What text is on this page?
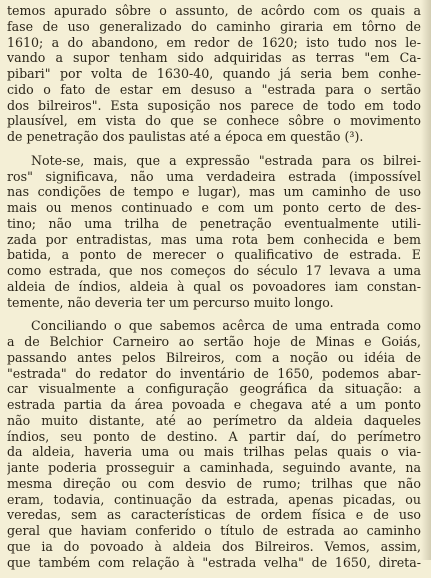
temos apurado sôbre o assunto, de acôrdo com os quais a
fase de uso generalizado do caminho giraria em tôrno de
1610; a do abandono, em redor de 1620; isto tudo nos le-
vando a supor tenham sido adquiridas as terras "em Ca-
pibari" por volta de 1630-40, quando já seria bem conhe-
cido o fato de estar em desuso a "estrada para o sertão
dos bilreiros". Esta suposição nos parece de todo em todo
plausível, em vista do que se conhece sôbre o movimento
de penetração dos paulistas até a época em questão (³).
Note-se, mais, que a expressão "estrada para os bilrei-
ros" significava, não uma verdadeira estrada (impossível
nas condições de tempo e lugar), mas um caminho de uso
mais ou menos continuado e com um ponto certo de des-
tino; não uma trilha de penetração eventualmente utili-
zada por entradistas, mas uma rota bem conhecida e bem
batida, a ponto de merecer o qualificativo de estrada. E
como estrada, que nos começos do século 17 levava a uma
aldeia de índios, aldeia à qual os povoadores iam constan-
temente, não deveria ter um percurso muito longo.
Conciliando o que sabemos acêrca de uma entrada como
a de Belchior Carneiro ao sertão hoje de Minas e Goiás,
passando antes pelos Bilreiros, com a noção ou idéia de
"estrada" do redator do inventário de 1650, podemos abar-
car visualmente a configuração geográfica da situação: a
estrada partia da área povoada e chegava até a um ponto
não muito distante, até ao perímetro da aldeia daqueles
índios, seu ponto de destino. A partir daí, do perímetro
da aldeia, haveria uma ou mais trilhas pelas quais o via-
jante poderia prosseguir a caminhada, seguindo avante, na
mesma direção ou com desvio de rumo; trilhas que não
eram, todavia, continuação da estrada, apenas picadas, ou
veredas, sem as características de ordem física e de uso
geral que haviam conferido o título de estrada ao caminho
que ia do povoado à aldeia dos Bilreiros. Vemos, assim,
que também com relação à "estrada velha" de 1650, direta-
